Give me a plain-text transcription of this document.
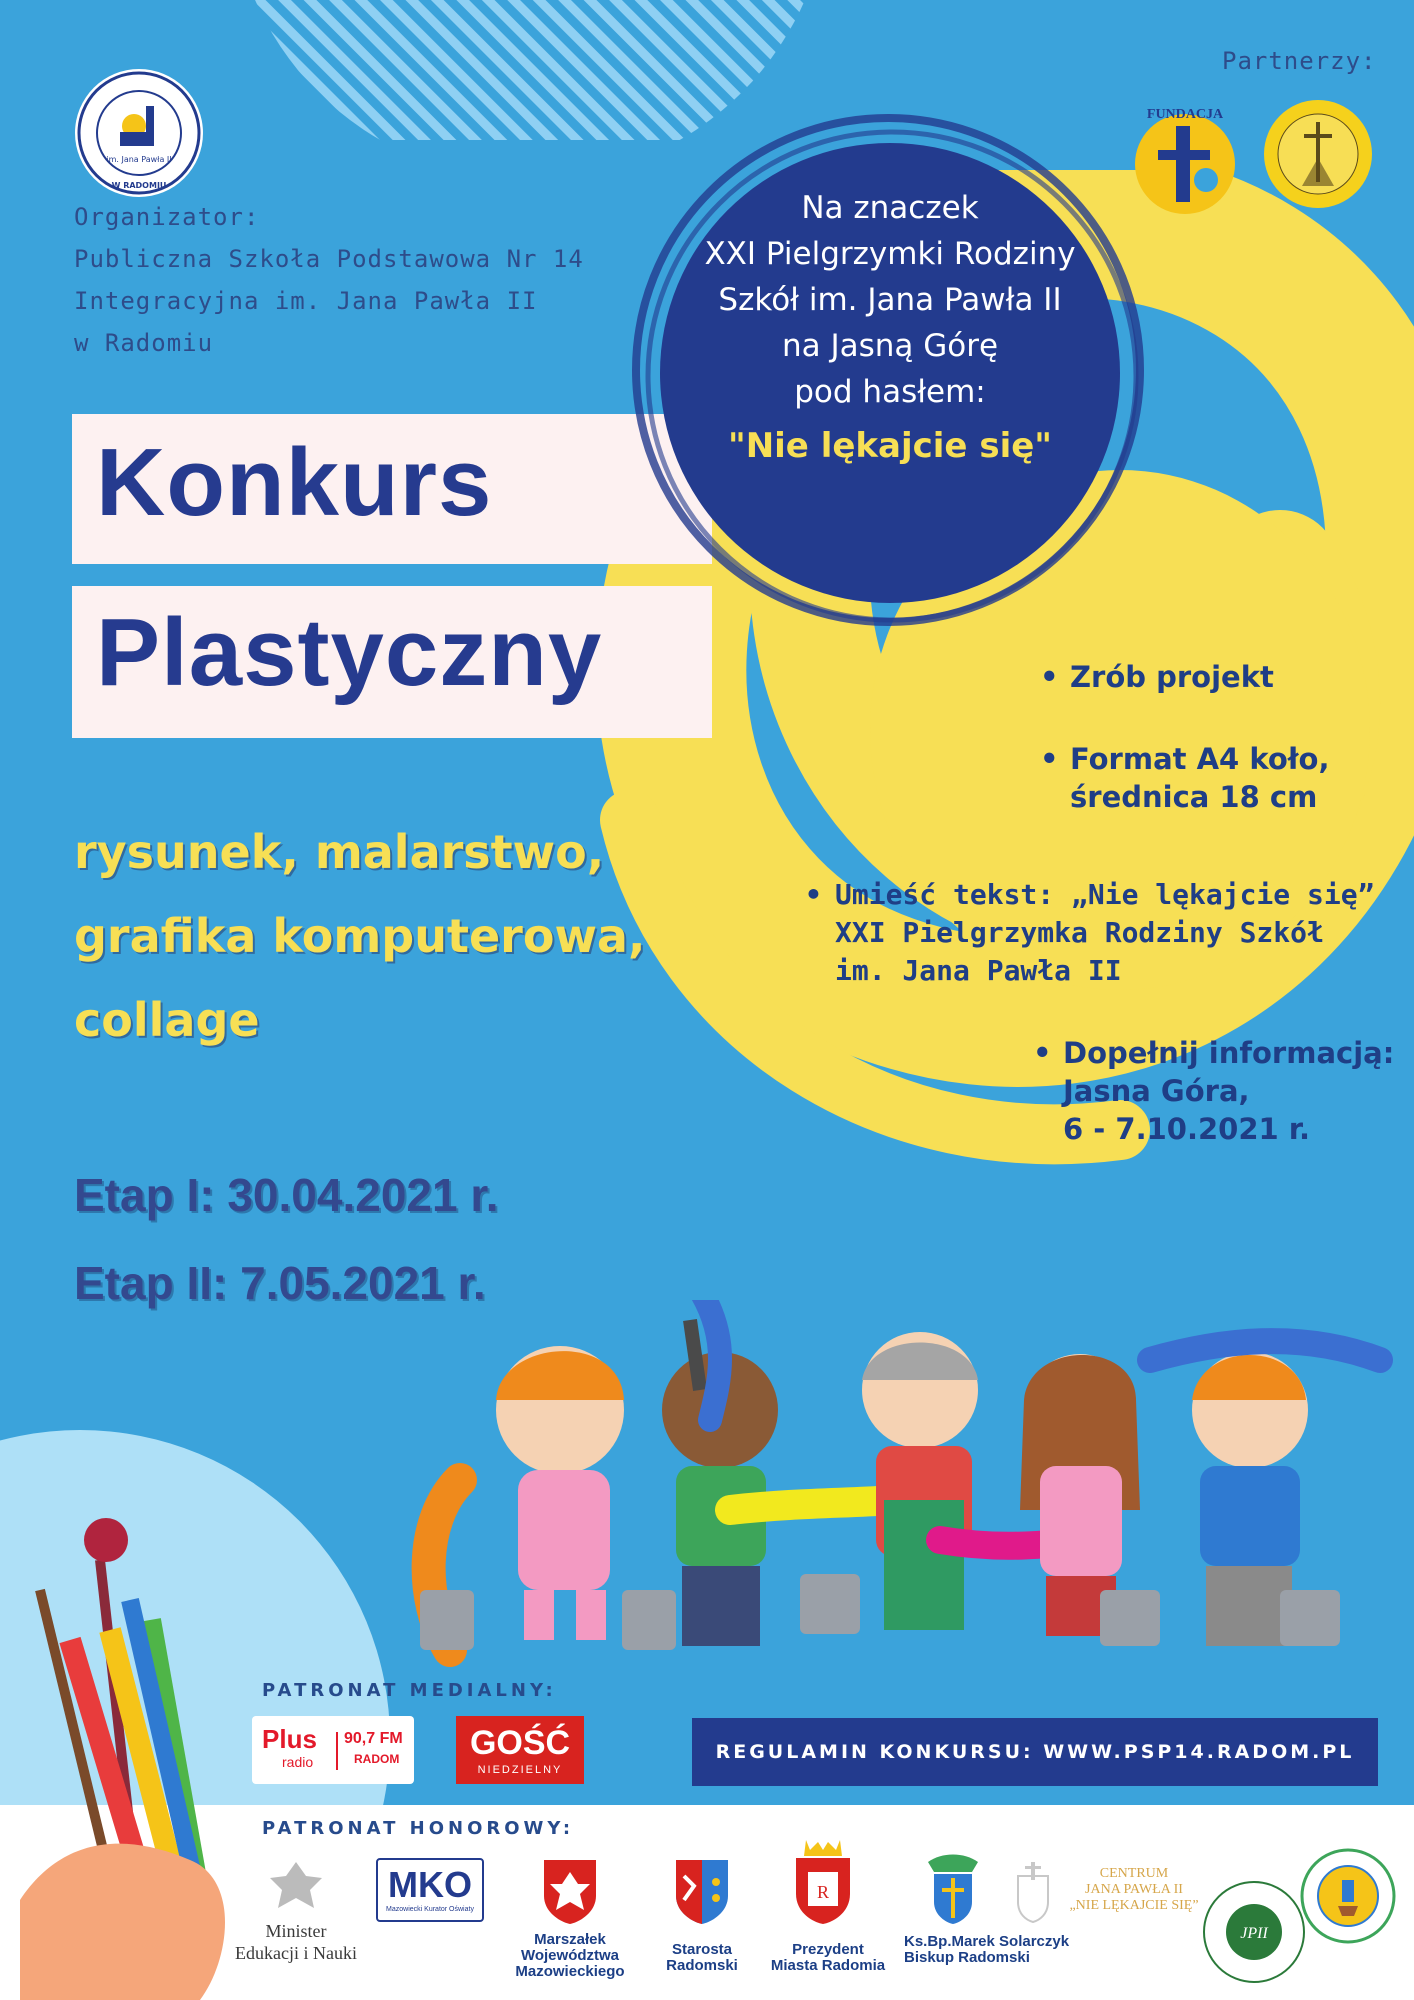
Partnerzy:
im. Jana Pawła II
W RADOMIU
Organizator:
Publiczna Szkoła Podstawowa Nr 14
Integracyjna im. Jana Pawła II
w Radomiu
Konkurs
Plastyczny
Na znaczek
XXI Pielgrzymki Rodziny
Szkół im. Jana Pawła II
na Jasną Górę
pod hasłem:
"Nie lękajcie się"
FUNDACJA
rysunek, malarstwo,
grafika komputerowa,
collage
Etap I: 30.04.2021 r.
Etap II: 7.05.2021 r.
• Zrób projekt
• Format A4 koło,
średnica 18 cm
• Umieść tekst: „Nie lękajcie się”
XXI Pielgrzymka Rodziny Szkół
im. Jana Pawła II
• Dopełnij informacją:
Jasna Góra,
6 - 7.10.2021 r.
PATRONAT MEDIALNY:
Plus
radio
90,7 FM
RADOM	GOŚĆ
NIEDZIELNY
REGULAMIN KONKURSU: WWW.PSP14.RADOM.PL
PATRONAT HONOROWY:
Minister
Edukacji i Nauki
MKO
Mazowiecki Kurator Oświaty
Marszałek
Województwa
Mazowieckiego
Starosta
Radomski
R
Prezydent
Miasta Radomia
Ks.Bp.Marek Solarczyk
Biskup Radomski
CENTRUM
JANA PAWŁA II
„NIE LĘKAJCIE SIĘ”
JPII
